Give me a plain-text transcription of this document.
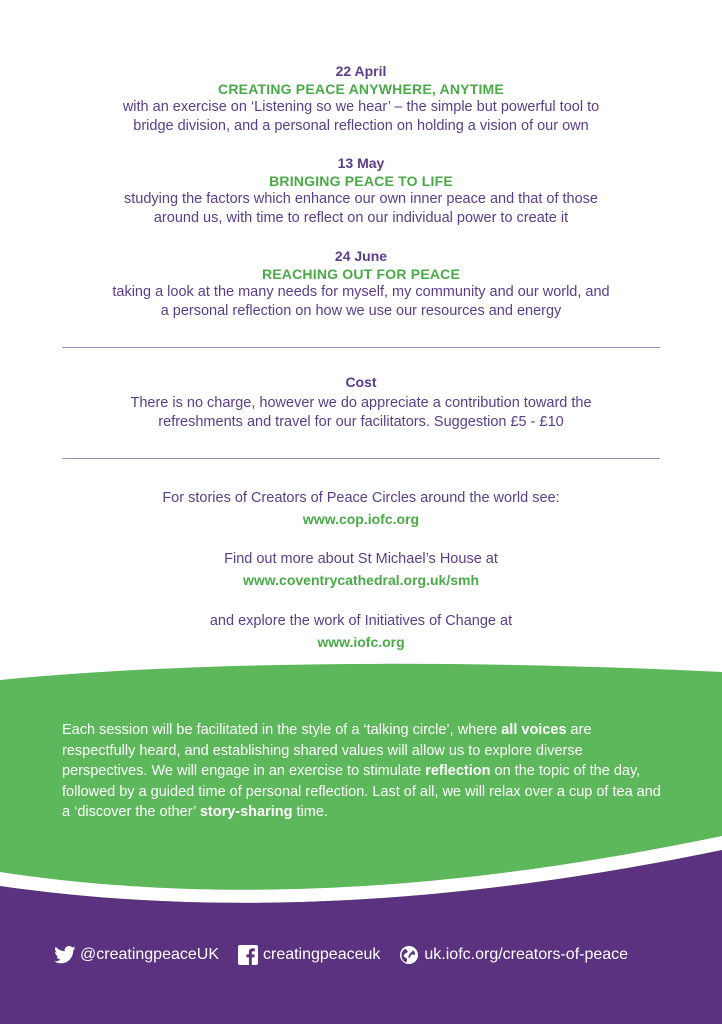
22 April
CREATING PEACE ANYWHERE, ANYTIME
with an exercise on ‘Listening so we hear’ – the simple but powerful tool to
bridge division, and a personal reflection on holding a vision of our own
13 May
BRINGING PEACE TO LIFE
studying the factors which enhance our own inner peace and that of those
around us, with time to reflect on our individual power to create it
24 June
REACHING OUT FOR PEACE
taking a look at the many needs for myself, my community and our world, and
a personal reflection on how we use our resources and energy
Cost
There is no charge, however we do appreciate a contribution toward the
refreshments and travel for our facilitators. Suggestion £5 - £10
For stories of Creators of Peace Circles around the world see:
www.cop.iofc.org
Find out more about St Michael’s House at
www.coventrycathedral.org.uk/smh
and explore the work of Initiatives of Change at
www.iofc.org
Each session will be facilitated in the style of a ‘talking circle’, where all voices are respectfully heard, and establishing shared values will allow us to explore diverse perspectives. We will engage in an exercise to stimulate reflection on the topic of the day, followed by a guided time of personal reflection. Last of all, we will relax over a cup of tea and a ‘discover the other’ story-sharing time.
@creatingpeaceUK	creatingpeaceuk	uk.iofc.org/creators-of-peace
